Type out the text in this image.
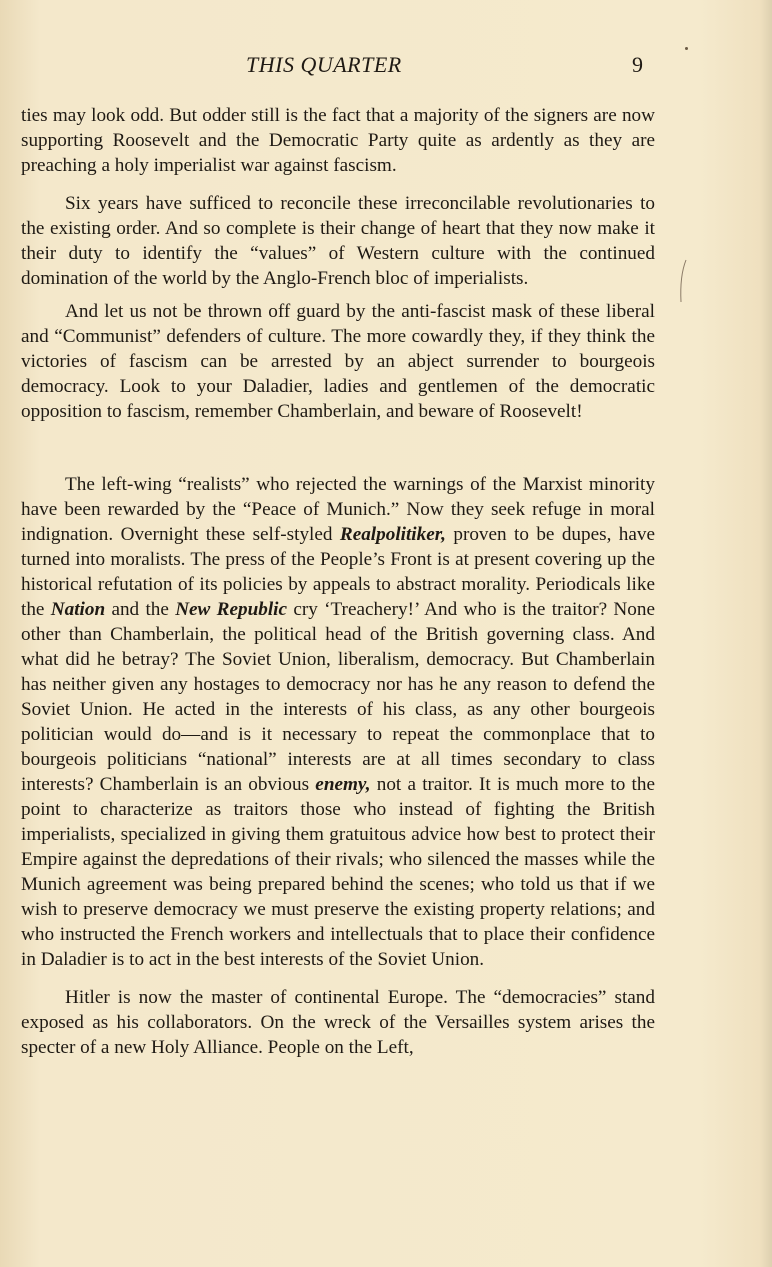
THIS QUARTER	9

ties may look odd. But odder still is the fact that a majority of the signers are now supporting Roosevelt and the Democratic Party quite as ardently as they are preaching a holy imperialist war against fascism.

Six years have sufficed to reconcile these irreconcilable revolutionaries to the existing order. And so complete is their change of heart that they now make it their duty to identify the “values” of Western culture with the continued domination of the world by the Anglo-French bloc of imperialists.

And let us not be thrown off guard by the anti-fascist mask of these liberal and “Communist” defenders of culture. The more cowardly they, if they think the victories of fascism can be arrested by an abject surrender to bourgeois democracy. Look to your Daladier, ladies and gentlemen of the democratic opposition to fascism, remember Chamberlain, and beware of Roosevelt!

The left-wing “realists” who rejected the warnings of the Marxist minority have been rewarded by the “Peace of Munich.” Now they seek refuge in moral indignation. Overnight these self-styled Realpolitiker, proven to be dupes, have turned into moralists. The press of the People’s Front is at present covering up the historical refutation of its policies by appeals to abstract morality. Periodicals like the Nation and the New Republic cry ‘Treachery!’ And who is the traitor? None other than Chamberlain, the political head of the British governing class. And what did he betray? The Soviet Union, liberalism, democracy. But Chamberlain has neither given any hostages to democracy nor has he any reason to defend the Soviet Union. He acted in the interests of his class, as any other bourgeois politician would do—and is it necessary to repeat the commonplace that to bourgeois politicians “national” interests are at all times secondary to class interests? Chamberlain is an obvious enemy, not a traitor. It is much more to the point to characterize as traitors those who instead of fighting the British imperialists, specialized in giving them gratuitous advice how best to protect their Empire against the depredations of their rivals; who silenced the masses while the Munich agreement was being prepared behind the scenes; who told us that if we wish to preserve democracy we must preserve the existing property relations; and who instructed the French workers and intellectuals that to place their confidence in Daladier is to act in the best interests of the Soviet Union.

Hitler is now the master of continental Europe. The “democracies” stand exposed as his collaborators. On the wreck of the Versailles system arises the specter of a new Holy Alliance. People on the Left,
